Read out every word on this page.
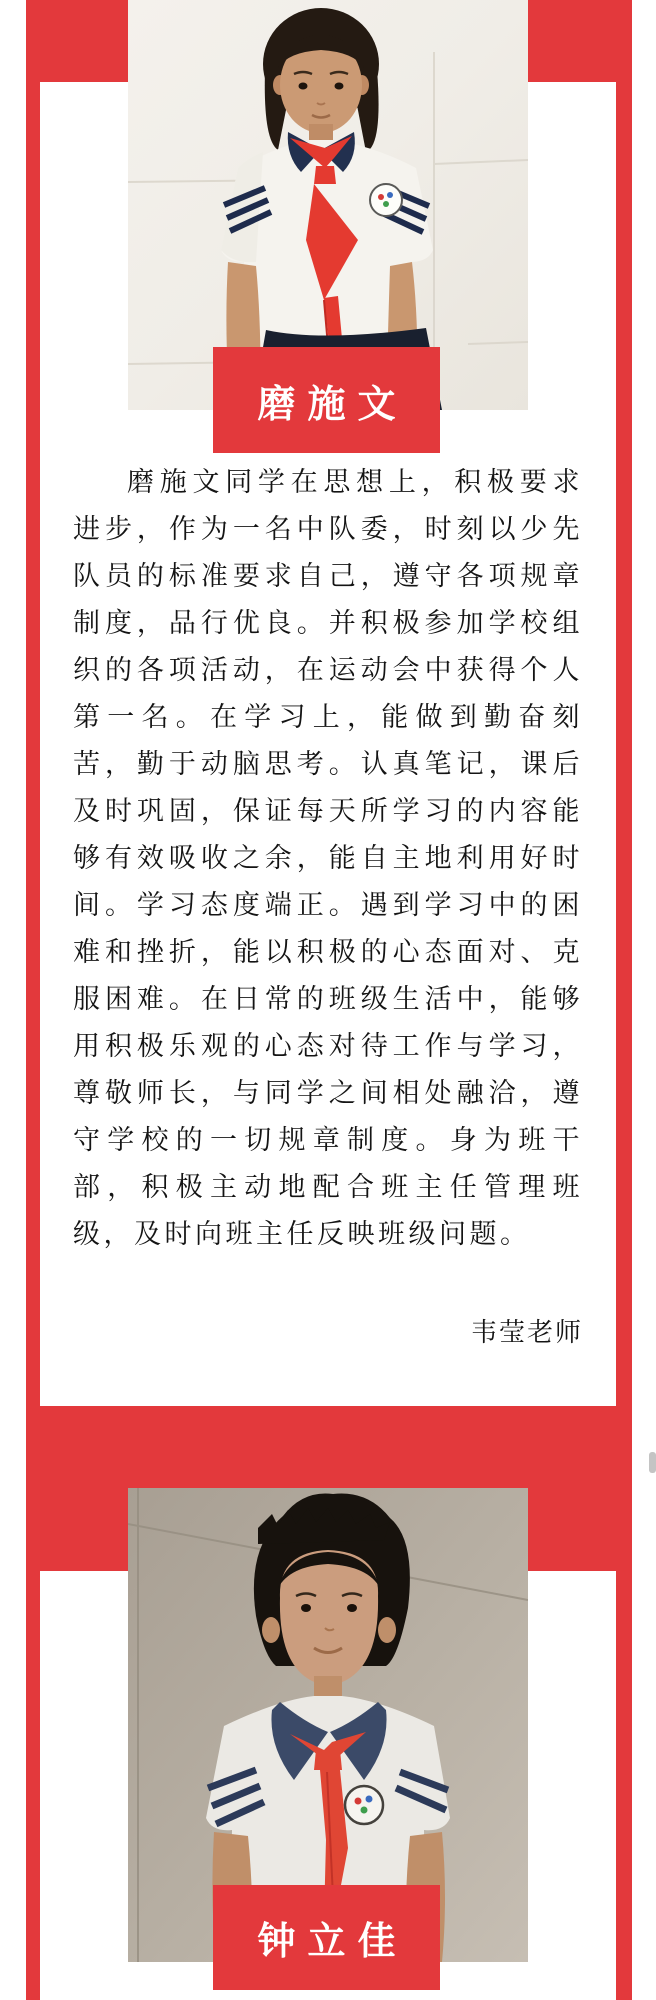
磨施文
磨施文同学在思想上，积极要求进步，作为一名中队委，时刻以少先队员的标准要求自己，遵守各项规章制度，品行优良。并积极参加学校组织的各项活动，在运动会中获得个人第一名。在学习上，能做到勤奋刻苦，勤于动脑思考。认真笔记，课后及时巩固，保证每天所学习的内容能够有效吸收之余，能自主地利用好时间。学习态度端正。遇到学习中的困难和挫折，能以积极的心态面对、克服困难。在日常的班级生活中，能够用积极乐观的心态对待工作与学习，尊敬师长，与同学之间相处融洽，遵守学校的一切规章制度。身为班干部，积极主动地配合班主任管理班级，及时向班主任反映班级问题。
韦莹老师
钟立佳
